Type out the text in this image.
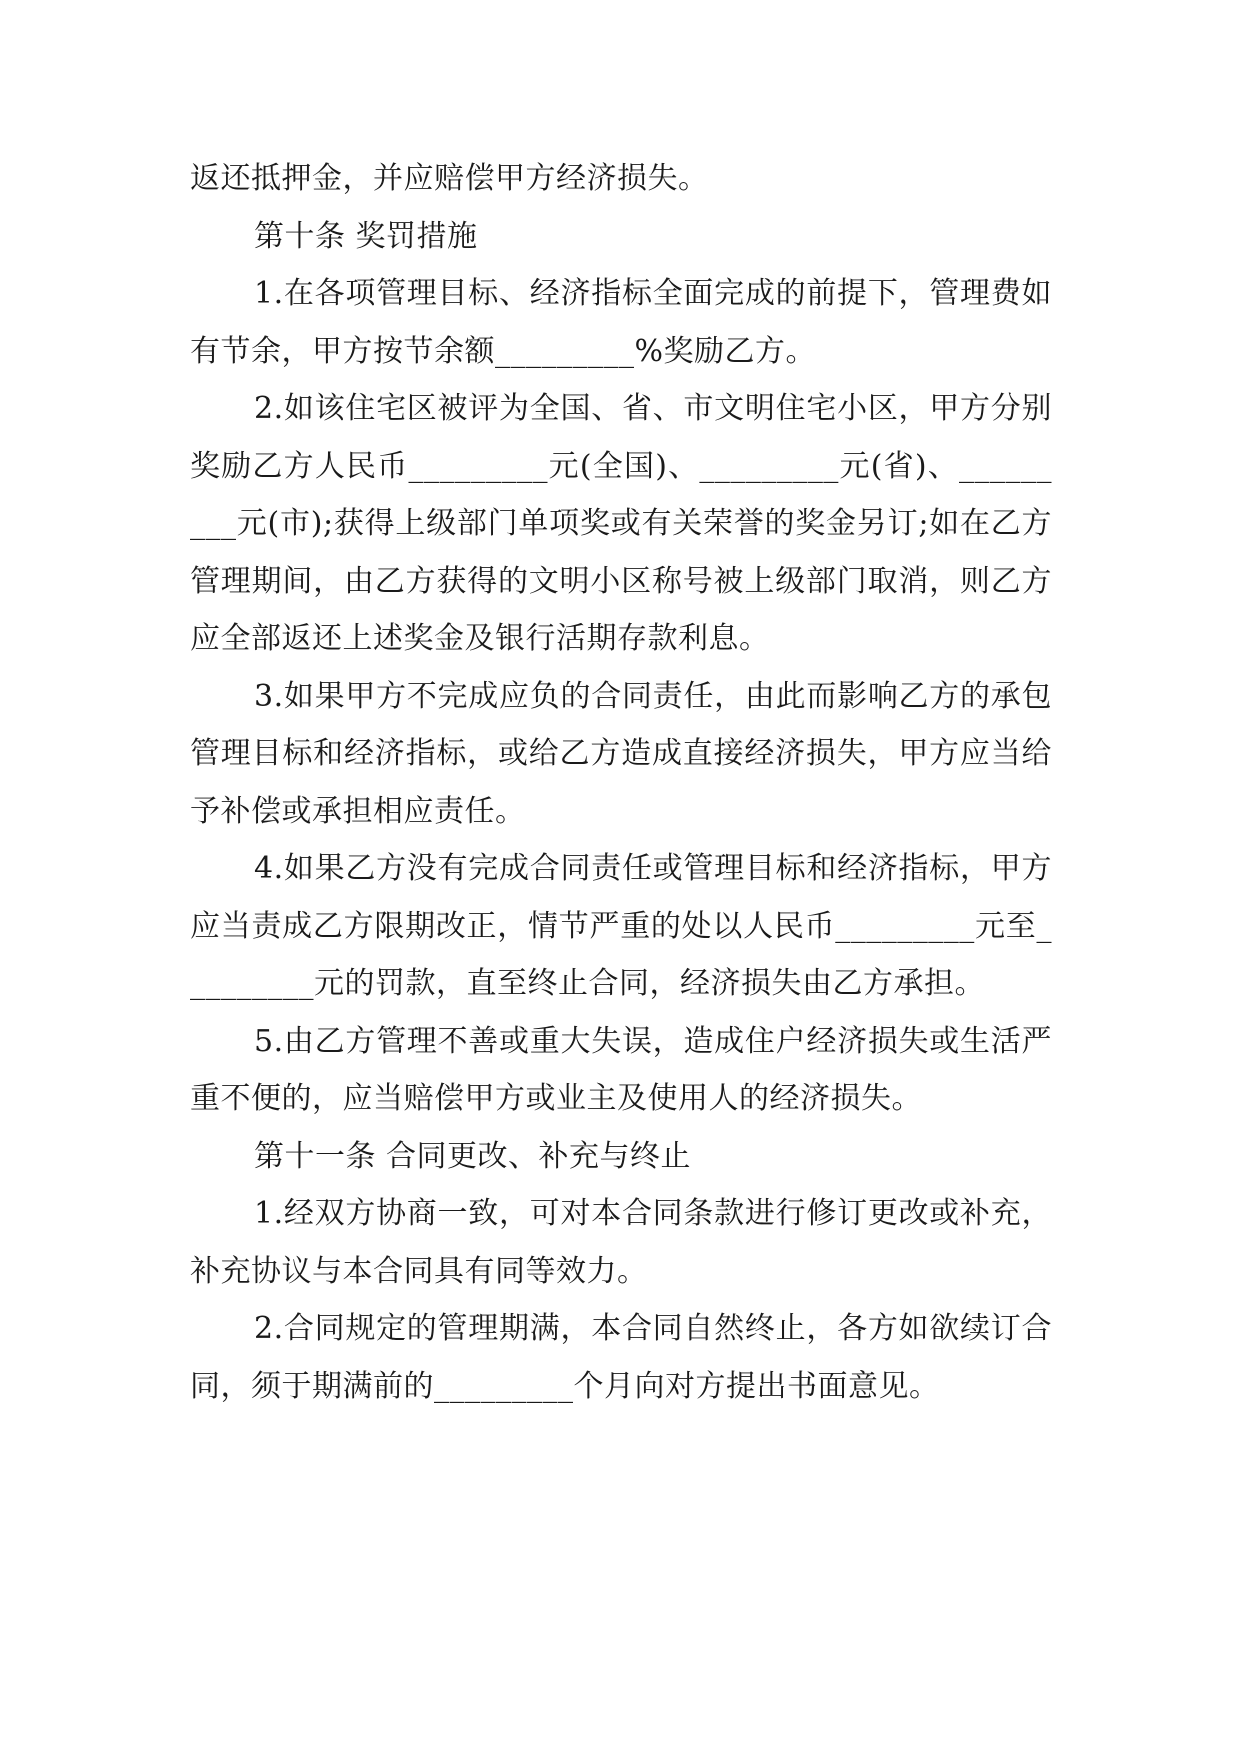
返还抵押金，并应赔偿甲方经济损失。

第十条 奖罚措施

1.在各项管理目标、经济指标全面完成的前提下，管理费如有节余，甲方按节余额_________%奖励乙方。

2.如该住宅区被评为全国、省、市文明住宅小区，甲方分别奖励乙方人民币_________元(全国)、_________元(省)、_________元(市);获得上级部门单项奖或有关荣誉的奖金另订;如在乙方管理期间，由乙方获得的文明小区称号被上级部门取消，则乙方应全部返还上述奖金及银行活期存款利息。

3.如果甲方不完成应负的合同责任，由此而影响乙方的承包管理目标和经济指标，或给乙方造成直接经济损失，甲方应当给予补偿或承担相应责任。

4.如果乙方没有完成合同责任或管理目标和经济指标，甲方应当责成乙方限期改正，情节严重的处以人民币_________元至_________元的罚款，直至终止合同，经济损失由乙方承担。

5.由乙方管理不善或重大失误，造成住户经济损失或生活严重不便的，应当赔偿甲方或业主及使用人的经济损失。

第十一条 合同更改、补充与终止

1.经双方协商一致，可对本合同条款进行修订更改或补充，补充协议与本合同具有同等效力。

2.合同规定的管理期满，本合同自然终止，各方如欲续订合同，须于期满前的_________个月向对方提出书面意见。
